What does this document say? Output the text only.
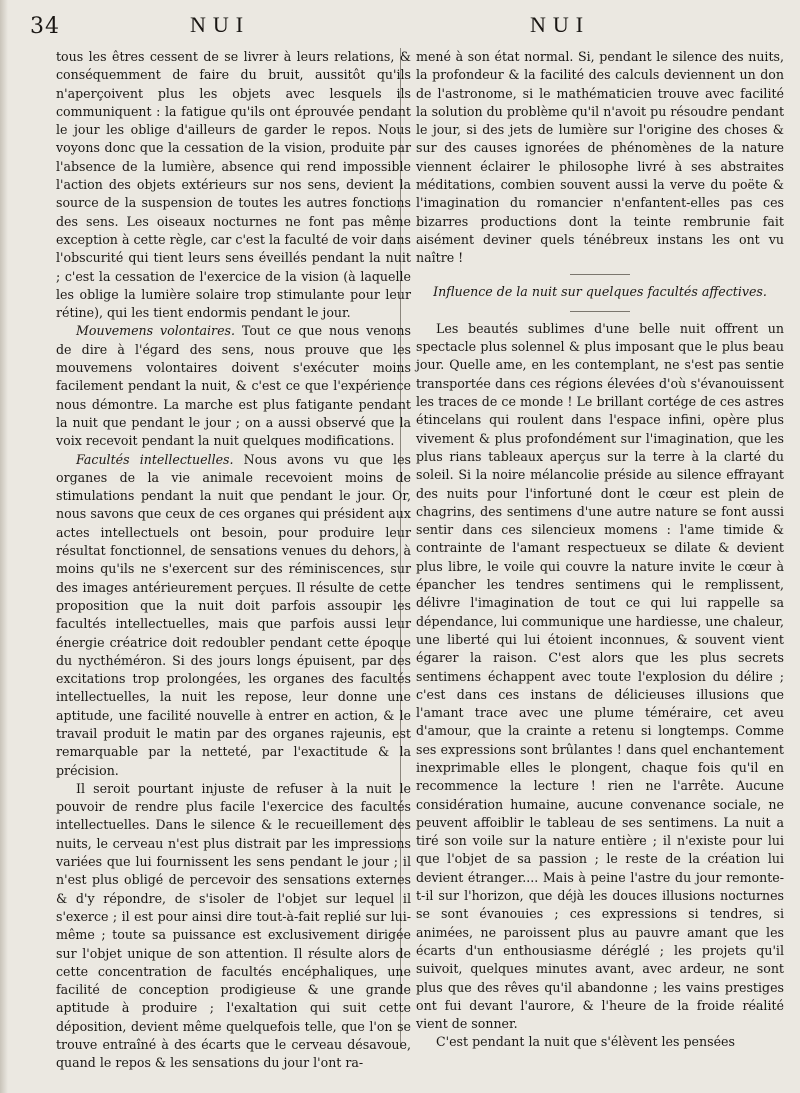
34	NUI	NUI

tous les êtres cessent de se livrer à leurs relations, & conséquemment de faire du bruit, aussitôt qu'ils n'aperçoivent plus les objets avec lesquels ils communiquent : la fatigue qu'ils ont éprouvée pendant le jour les oblige d'ailleurs de garder le repos. Nous voyons donc que la cessation de la vision, produite par l'absence de la lumière, absence qui rend impossible l'action des objets extérieurs sur nos sens, devient la source de la suspension de toutes les autres fonctions des sens. Les oiseaux nocturnes ne font pas même exception à cette règle, car c'est la faculté de voir dans l'obscurité qui tient leurs sens éveillés pendant la nuit ; c'est la cessation de l'exercice de la vision (à laquelle les oblige la lumière solaire trop stimulante pour leur rétine), qui les tient endormis pendant le jour.

Mouvemens volontaires. Tout ce que nous venons de dire à l'égard des sens, nous prouve que les mouvemens volontaires doivent s'exécuter moins facilement pendant la nuit, & c'est ce que l'expérience nous démontre. La marche est plus fatigante pendant la nuit que pendant le jour ; on a aussi observé que la voix recevoit pendant la nuit quelques modifications.

Facultés intellectuelles. Nous avons vu que les organes de la vie animale recevoient moins de stimulations pendant la nuit que pendant le jour. Or, nous savons que ceux de ces organes qui président aux actes intellectuels ont besoin, pour produire leur résultat fonctionnel, de sensations venues du dehors, à moins qu'ils ne s'exercent sur des réminiscences, sur des images antérieurement perçues. Il résulte de cette proposition que la nuit doit parfois assoupir les facultés intellectuelles, mais que parfois aussi leur énergie créatrice doit redoubler pendant cette époque du nycthéméron. Si des jours longs épuisent, par des excitations trop prolongées, les organes des facultés intellectuelles, la nuit les repose, leur donne une aptitude, une facilité nouvelle à entrer en action, & le travail produit le matin par des organes rajeunis, est remarquable par la netteté, par l'exactitude & la précision.

Il seroit pourtant injuste de refuser à la nuit le pouvoir de rendre plus facile l'exercice des facultés intellectuelles. Dans le silence & le recueillement des nuits, le cerveau n'est plus distrait par les impressions variées que lui fournissent les sens pendant le jour ; il n'est plus obligé de percevoir des sensations externes & d'y répondre, de s'isoler de l'objet sur lequel il s'exerce ; il est pour ainsi dire tout-à-fait replié sur lui-même ; toute sa puissance est exclusivement dirigée sur l'objet unique de son attention. Il résulte alors de cette concentration de facultés encéphaliques, une facilité de conception prodigieuse & une grande aptitude à produire ; l'exaltation qui suit cette déposition, devient même quelquefois telle, que l'on se trouve entraîné à des écarts que le cerveau désavoue, quand le repos & les sensations du jour l'ont ra-

mené à son état normal. Si, pendant le silence des nuits, la profondeur & la facilité des calculs deviennent un don de l'astronome, si le mathématicien trouve avec facilité la solution du problème qu'il n'avoit pu résoudre pendant le jour, si des jets de lumière sur l'origine des choses & sur des causes ignorées de phénomènes de la nature viennent éclairer le philosophe livré à ses abstraites méditations, combien souvent aussi la verve du poëte & l'imagination du romancier n'enfantent-elles pas ces bizarres productions dont la teinte rembrunie fait aisément deviner quels ténébreux instans les ont vu naître !

Influence de la nuit sur quelques facultés affectives.

Les beautés sublimes d'une belle nuit offrent un spectacle plus solennel & plus imposant que le plus beau jour. Quelle ame, en les contemplant, ne s'est pas sentie transportée dans ces régions élevées d'où s'évanouissent les traces de ce monde ! Le brillant cortége de ces astres étincelans qui roulent dans l'espace infini, opère plus vivement & plus profondément sur l'imagination, que les plus rians tableaux aperçus sur la terre à la clarté du soleil. Si la noire mélancolie préside au silence effrayant des nuits pour l'infortuné dont le cœur est plein de chagrins, des sentimens d'une autre nature se font aussi sentir dans ces silencieux momens : l'ame timide & contrainte de l'amant respectueux se dilate & devient plus libre, le voile qui couvre la nature invite le cœur à épancher les tendres sentimens qui le remplissent, délivre l'imagination de tout ce qui lui rappelle sa dépendance, lui communique une hardiesse, une chaleur, une liberté qui lui étoient inconnues, & souvent vient égarer la raison. C'est alors que les plus secrets sentimens échappent avec toute l'explosion du délire ; c'est dans ces instans de délicieuses illusions que l'amant trace avec une plume téméraire, cet aveu d'amour, que la crainte a retenu si longtemps. Comme ses expressions sont brûlantes ! dans quel enchantement inexprimable elles le plongent, chaque fois qu'il en recommence la lecture ! rien ne l'arrête. Aucune considération humaine, aucune convenance sociale, ne peuvent affoiblir le tableau de ses sentimens. La nuit a tiré son voile sur la nature entière ; il n'existe pour lui que l'objet de sa passion ; le reste de la création lui devient étranger.... Mais à peine l'astre du jour remonte-t-il sur l'horizon, que déjà les douces illusions nocturnes se sont évanouies ; ces expressions si tendres, si animées, ne paroissent plus au pauvre amant que les écarts d'un enthousiasme déréglé ; les projets qu'il suivoit, quelques minutes avant, avec ardeur, ne sont plus que des rêves qu'il abandonne ; les vains prestiges ont fui devant l'aurore, & l'heure de la froide réalité vient de sonner.

C'est pendant la nuit que s'élèvent les pensées
